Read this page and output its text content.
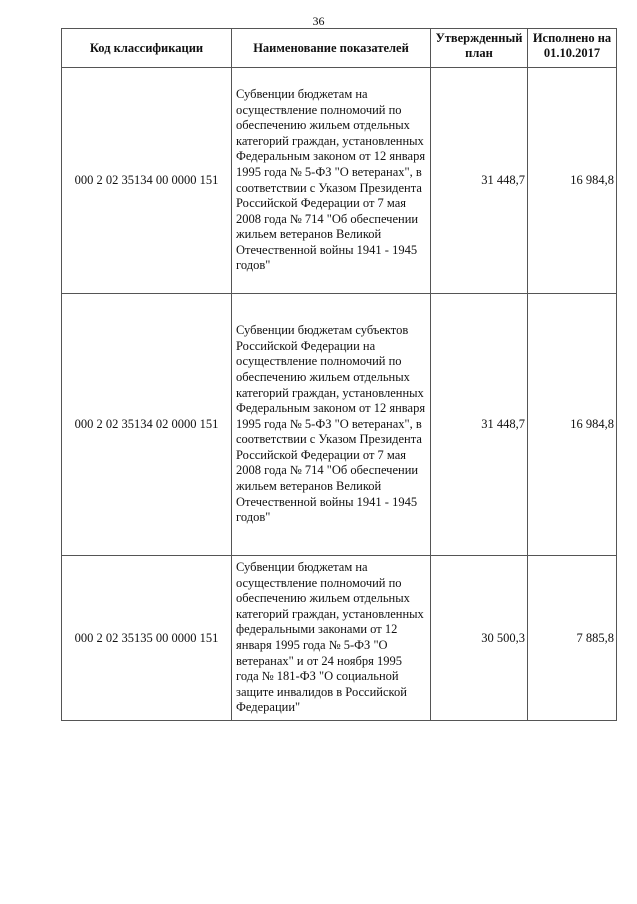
36
Код классификации	Наименование показателей	Утвержденный план	Исполнено на 01.10.2017
000 2 02 35134 00 0000 151	Субвенции бюджетам на осуществление полномочий по обеспечению жильем отдельных категорий граждан, установленных Федеральным законом от 12 января 1995 года № 5-ФЗ "О ветеранах", в соответствии с Указом Президента Российской Федерации от 7 мая 2008 года № 714 "Об обеспечении жильем ветеранов Великой Отечественной войны 1941 - 1945 годов"	31 448,7	16 984,8
000 2 02 35134 02 0000 151	Субвенции бюджетам субъектов Российской Федерации на осуществление полномочий по обеспечению жильем отдельных категорий граждан, установленных Федеральным законом от 12 января 1995 года № 5-ФЗ "О ветеранах", в соответствии с Указом Президента Российской Федерации от 7 мая 2008 года № 714 "Об обеспечении жильем ветеранов Великой Отечественной войны 1941 - 1945 годов"	31 448,7	16 984,8
000 2 02 35135 00 0000 151	Субвенции бюджетам на осуществление полномочий по обеспечению жильем отдельных категорий граждан, установленных федеральными законами от 12 января 1995 года № 5-ФЗ "О ветеранах" и от 24 ноября 1995 года № 181-ФЗ "О социальной защите инвалидов в Российской Федерации"	30 500,3	7 885,8
